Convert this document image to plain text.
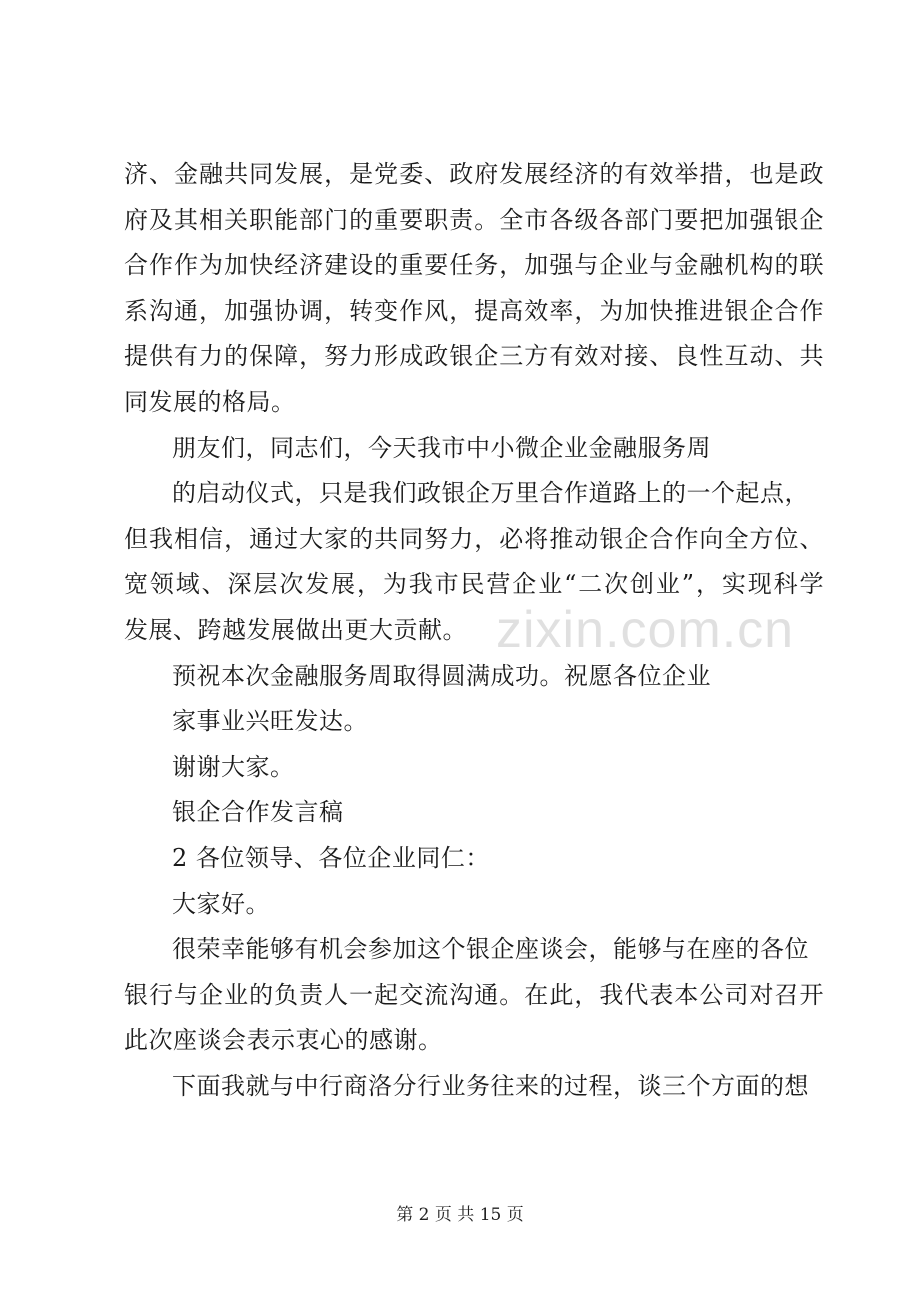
济、金融共同发展，是党委、政府发展经济的有效举措，也是政
府及其相关职能部门的重要职责。全市各级各部门要把加强银企
合作作为加快经济建设的重要任务，加强与企业与金融机构的联
系沟通，加强协调，转变作风，提高效率，为加快推进银企合作
提供有力的保障，努力形成政银企三方有效对接、良性互动、共
同发展的格局。
朋友们，同志们，今天我市中小微企业金融服务周
的启动仪式，只是我们政银企万里合作道路上的一个起点，
但我相信，通过大家的共同努力，必将推动银企合作向全方位、
宽领域、深层次发展，为我市民营企业“二次创业”，实现科学
发展、跨越发展做出更大贡献。
预祝本次金融服务周取得圆满成功。祝愿各位企业
家事业兴旺发达。
谢谢大家。
银企合作发言稿
2 各位领导、各位企业同仁：
大家好。
很荣幸能够有机会参加这个银企座谈会，能够与在座的各位
银行与企业的负责人一起交流沟通。在此，我代表本公司对召开
此次座谈会表示衷心的感谢。
下面我就与中行商洛分行业务往来的过程，谈三个方面的想
zixin.com.cn
第 2 页 共 15 页
